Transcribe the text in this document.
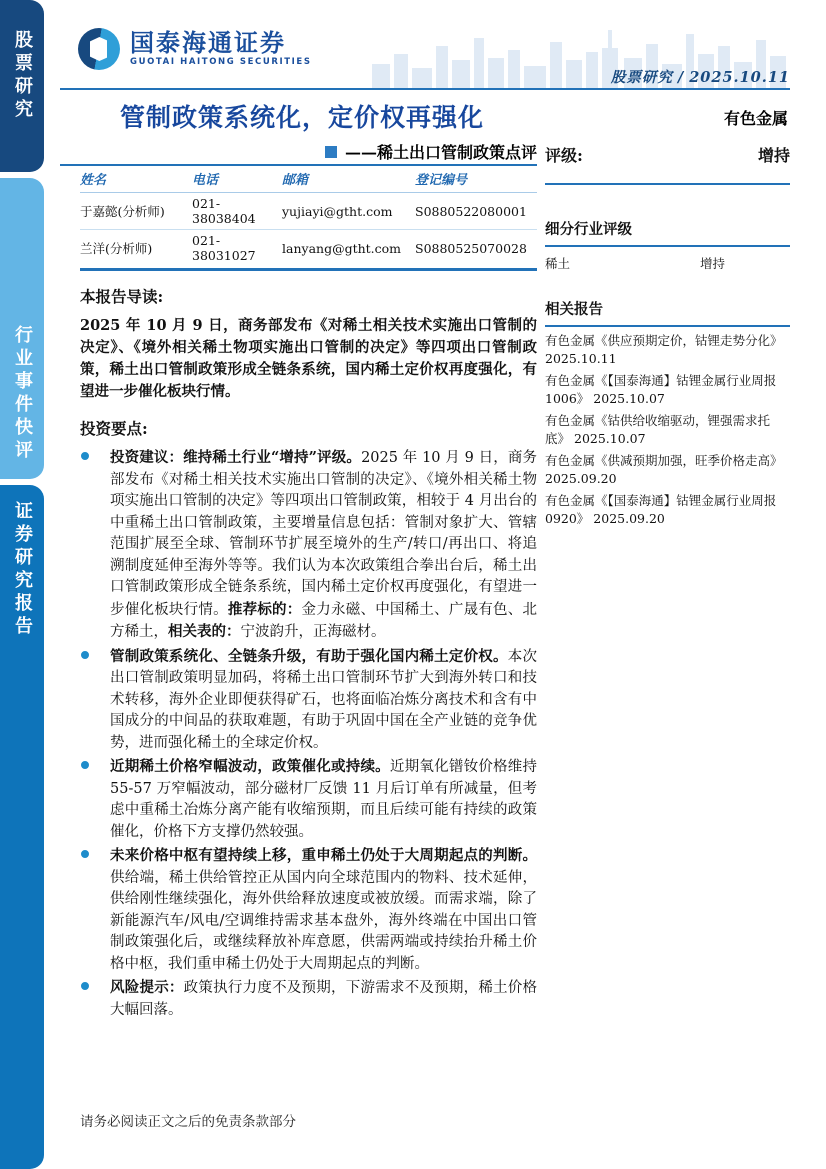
股票研究
行业事件快评
证券研究报告
国泰海通证券
GUOTAI HAITONG SECURITIES
股票研究 / 2025.10.11
管制政策系统化，定价权再强化	有色金属
——稀土出口管制政策点评 评级:	增持
姓名	电话	邮箱	登记编号
于嘉懿(分析师)	021-38038404	yujiayi@gtht.com	S0880522080001
兰洋(分析师)	021-38031027	lanyang@gtht.com	S0880525070028
本报告导读:

2025 年 10 月 9 日，商务部发布《对稀土相关技术实施出口管制的决定》、《境外相关稀土物项实施出口管制的决定》等四项出口管制政策，稀土出口管制政策形成全链条系统，国内稀土定价权再度强化，有望进一步催化板块行情。

投资要点:

投资建议：维持稀土行业“增持”评级。2025 年 10 月 9 日，商务部发布《对稀土相关技术实施出口管制的决定》、《境外相关稀土物项实施出口管制的决定》等四项出口管制政策，相较于 4 月出台的中重稀土出口管制政策，主要增量信息包括：管制对象扩大、管辖范围扩展至全球、管制环节扩展至境外的生产/转口/再出口、将追溯制度延伸至海外等等。我们认为本次政策组合拳出台后，稀土出口管制政策形成全链条系统，国内稀土定价权再度强化，有望进一步催化板块行情。推荐标的：金力永磁、中国稀土、广晟有色、北方稀土，相关表的：宁波韵升，正海磁材。

管制政策系统化、全链条升级，有助于强化国内稀土定价权。本次出口管制政策明显加码，将稀土出口管制环节扩大到海外转口和技术转移，海外企业即便获得矿石，也将面临冶炼分离技术和含有中国成分的中间品的获取难题，有助于巩固中国在全产业链的竞争优势，进而强化稀土的全球定价权。

近期稀土价格窄幅波动，政策催化或持续。近期氧化镨钕价格维持 55-57 万窄幅波动，部分磁材厂反馈 11 月后订单有所减量，但考虑中重稀土冶炼分离产能有收缩预期，而且后续可能有持续的政策催化，价格下方支撑仍然较强。

未来价格中枢有望持续上移，重申稀土仍处于大周期起点的判断。供给端，稀土供给管控正从国内向全球范围内的物料、技术延伸，供给刚性继续强化，海外供给释放速度或被放缓。而需求端，除了新能源汽车/风电/空调维持需求基本盘外，海外终端在中国出口管制政策强化后，或继续释放补库意愿，供需两端或持续抬升稀土价格中枢，我们重申稀土仍处于大周期起点的判断。

风险提示：政策执行力度不及预期，下游需求不及预期，稀土价格大幅回落。

细分行业评级
稀土	增持
相关报告
有色金属《供应预期定价，钴锂走势分化》 2025.10.11
有色金属《【国泰海通】钴锂金属行业周报1006》 2025.10.07
有色金属《钴供给收缩驱动，锂强需求托底》 2025.10.07
有色金属《供减预期加强，旺季价格走高》 2025.09.20
有色金属《【国泰海通】钴锂金属行业周报0920》 2025.09.20
请务必阅读正文之后的免责条款部分
